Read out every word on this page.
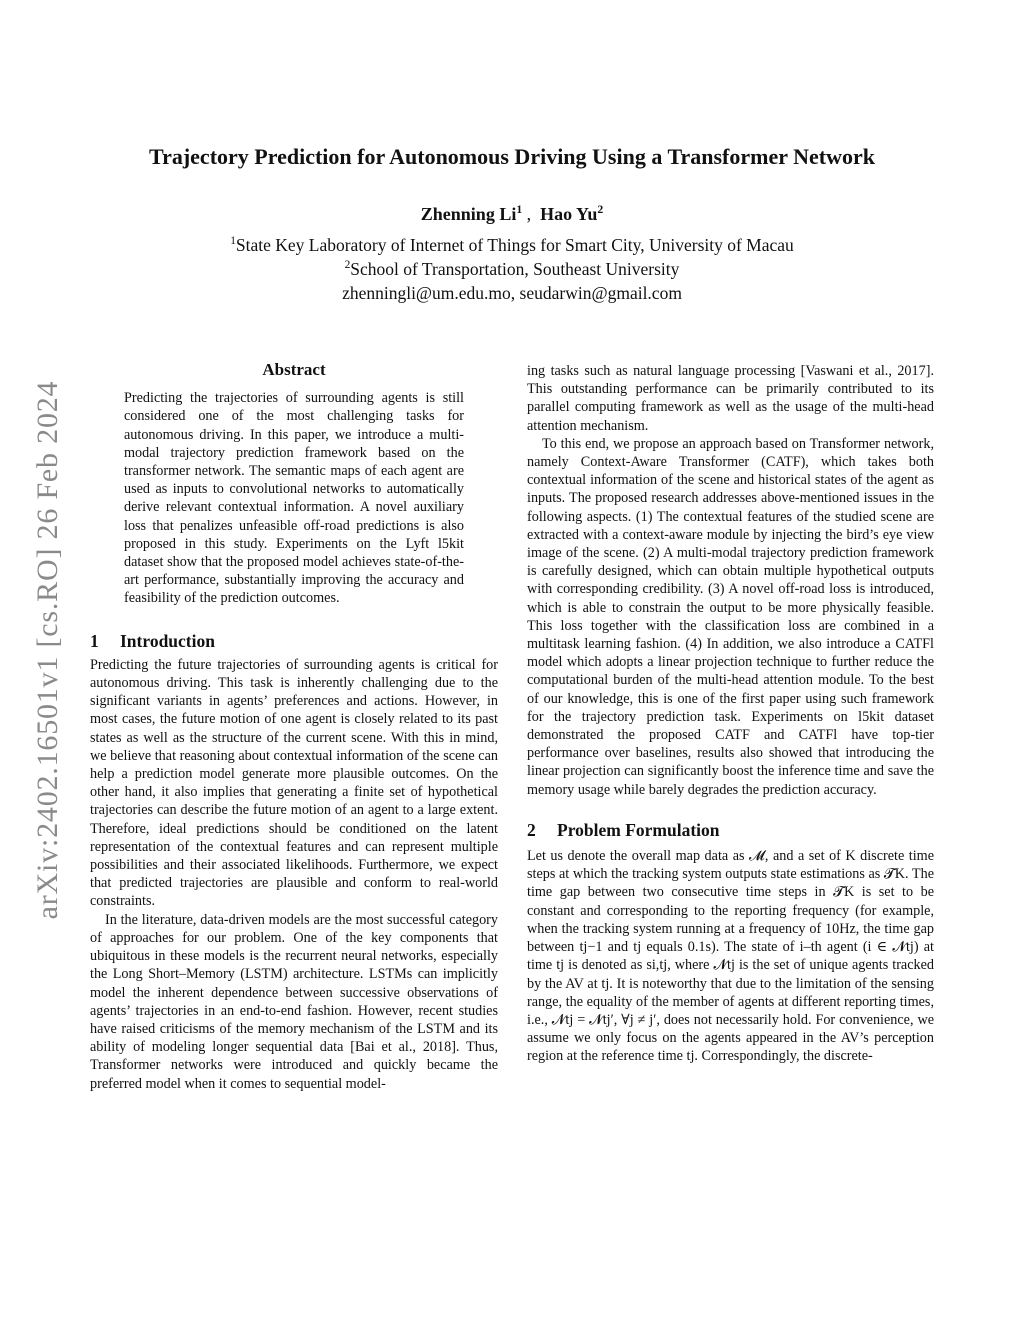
arXiv:2402.16501v1 [cs.RO] 26 Feb 2024
Trajectory Prediction for Autonomous Driving Using a Transformer Network
Zhenning Li$^1$ ,  Hao Yu$^2$
$^1$State Key Laboratory of Internet of Things for Smart City, University of Macau
$^2$School of Transportation, Southeast University
zhenningli@um.edu.mo, seudarwin@gmail.com
Abstract

Predicting the trajectories of surrounding agents is still considered one of the most challenging tasks for autonomous driving. In this paper, we introduce a multi-modal trajectory prediction framework based on the transformer network. The semantic maps of each agent are used as inputs to convolutional networks to automatically derive relevant contextual information. A novel auxiliary loss that penalizes unfeasible off-road predictions is also proposed in this study. Experiments on the Lyft l5kit dataset show that the proposed model achieves state-of-the-art performance, substantially improving the accuracy and feasibility of the prediction outcomes.

1 Introduction

Predicting the future trajectories of surrounding agents is critical for autonomous driving. This task is inherently challenging due to the significant variants in agents’ preferences and actions. However, in most cases, the future motion of one agent is closely related to its past states as well as the structure of the current scene. With this in mind, we believe that reasoning about contextual information of the scene can help a prediction model generate more plausible outcomes. On the other hand, it also implies that generating a finite set of hypothetical trajectories can describe the future motion of an agent to a large extent. Therefore, ideal predictions should be conditioned on the latent representation of the contextual features and can represent multiple possibilities and their associated likelihoods. Furthermore, we expect that predicted trajectories are plausible and conform to real-world constraints.

In the literature, data-driven models are the most successful category of approaches for our problem. One of the key components that ubiquitous in these models is the recurrent neural networks, especially the Long Short–Memory (LSTM) architecture. LSTMs can implicitly model the inherent dependence between successive observations of agents’ trajectories in an end-to-end fashion. However, recent studies have raised criticisms of the memory mechanism of the LSTM and its ability of modeling longer sequential data [Bai et al., 2018]. Thus, Transformer networks were introduced and quickly became the preferred model when it comes to sequential model-

ing tasks such as natural language processing [Vaswani et al., 2017]. This outstanding performance can be primarily contributed to its parallel computing framework as well as the usage of the multi-head attention mechanism.

To this end, we propose an approach based on Transformer network, namely Context-Aware Transformer (CATF), which takes both contextual information of the scene and historical states of the agent as inputs. The proposed research addresses above-mentioned issues in the following aspects. (1) The contextual features of the studied scene are extracted with a context-aware module by injecting the bird’s eye view image of the scene. (2) A multi-modal trajectory prediction framework is carefully designed, which can obtain multiple hypothetical outputs with corresponding credibility. (3) A novel off-road loss is introduced, which is able to constrain the output to be more physically feasible. This loss together with the classification loss are combined in a multitask learning fashion. (4) In addition, we also introduce a CATFl model which adopts a linear projection technique to further reduce the computational burden of the multi-head attention module. To the best of our knowledge, this is one of the first paper using such framework for the trajectory prediction task. Experiments on l5kit dataset demonstrated the proposed CATF and CATFl have top-tier performance over baselines, results also showed that introducing the linear projection can significantly boost the inference time and save the memory usage while barely degrades the prediction accuracy.

2 Problem Formulation

Let us denote the overall map data as 𝓜, and a set of K discrete time steps at which the tracking system outputs state estimations as 𝓣K. The time gap between two consecutive time steps in 𝓣K is set to be constant and corresponding to the reporting frequency (for example, when the tracking system running at a frequency of 10Hz, the time gap between tj−1 and tj equals 0.1s). The state of i–th agent (i ∈ 𝓝tj) at time tj is denoted as si,tj, where 𝓝tj is the set of unique agents tracked by the AV at tj. It is noteworthy that due to the limitation of the sensing range, the equality of the member of agents at different reporting times, i.e., 𝓝tj = 𝓝tj′, ∀j ≠ j′, does not necessarily hold. For convenience, we assume we only focus on the agents appeared in the AV’s perception region at the reference time tj. Correspondingly, the discrete-
